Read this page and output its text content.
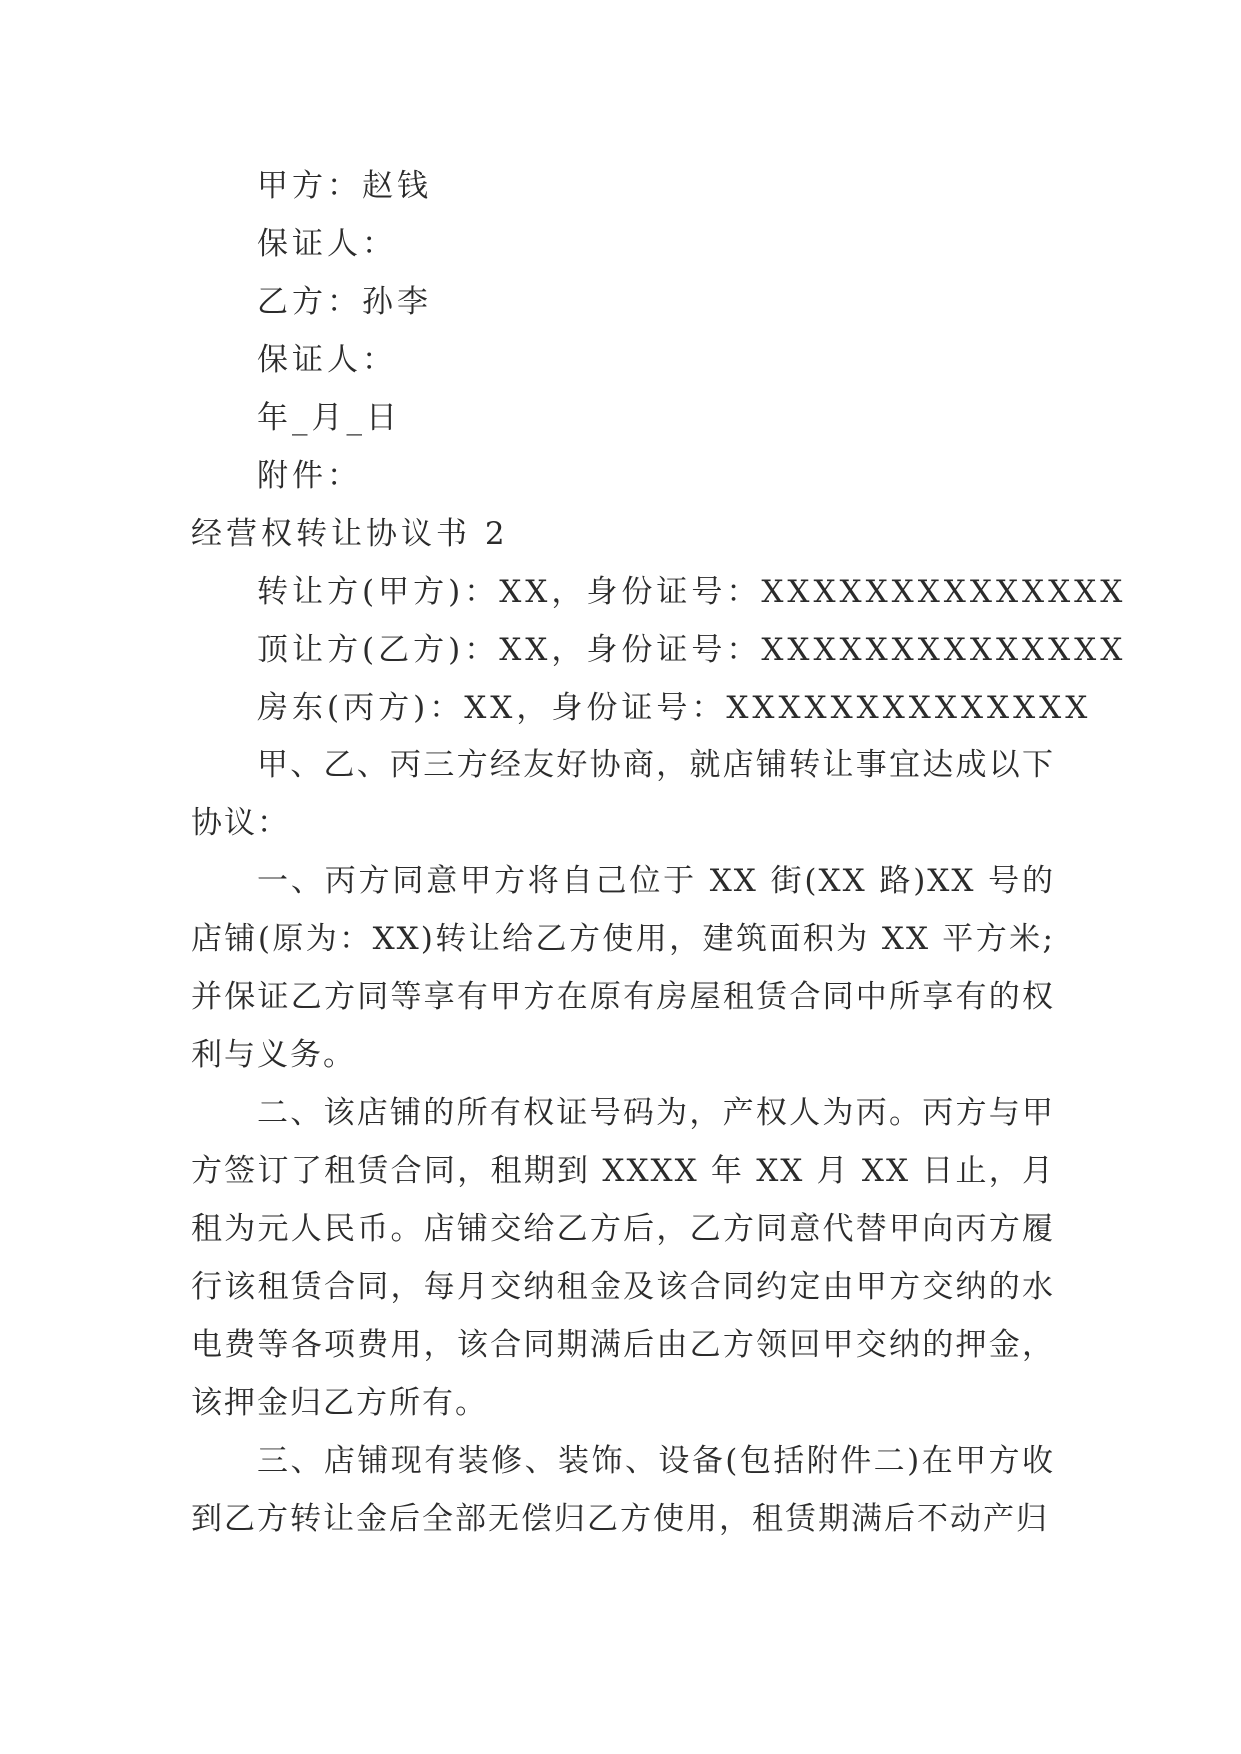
甲方：赵钱
保证人：
乙方：孙李
保证人：
年_月_日
附件：
经营权转让协议书 2
转让方(甲方)：XX，身份证号：XXXXXXXXXXXXXX
顶让方(乙方)：XX，身份证号：XXXXXXXXXXXXXX
房东(丙方)：XX，身份证号：XXXXXXXXXXXXXX

甲、乙、丙三方经友好协商，就店铺转让事宜达成以下协议：

一、丙方同意甲方将自己位于 XX 街(XX 路)XX 号的店铺(原为：XX)转让给乙方使用，建筑面积为 XX 平方米;并保证乙方同等享有甲方在原有房屋租赁合同中所享有的权利与义务。

二、该店铺的所有权证号码为，产权人为丙。丙方与甲方签订了租赁合同，租期到 XXXX 年 XX 月 XX 日止，月租为元人民币。店铺交给乙方后，乙方同意代替甲向丙方履行该租赁合同，每月交纳租金及该合同约定由甲方交纳的水电费等各项费用，该合同期满后由乙方领回甲交纳的押金，该押金归乙方所有。

三、店铺现有装修、装饰、设备(包括附件二)在甲方收到乙方转让金后全部无偿归乙方使用，租赁期满后不动产归
